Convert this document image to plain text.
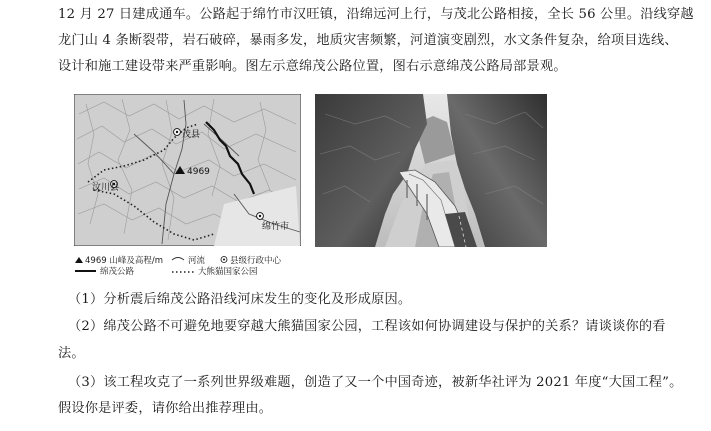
12 月 27 日建成通车。公路起于绵竹市汉旺镇，沿绵远河上行，与茂北公路相接，全长 56 公里。沿线穿越
龙门山 4 条断裂带，岩石破碎，暴雨多发，地质灾害频繁，河道演变剧烈，水文条件复杂，给项目选线、
设计和施工建设带来严重影响。图左示意绵茂公路位置，图右示意绵茂公路局部景观。
4969
茂县
汶川县
绵竹市
4969 山峰及高程/m	河流	县级行政中心
绵茂公路	大熊猫国家公园
（1）分析震后绵茂公路沿线河床发生的变化及形成原因。
（2）绵茂公路不可避免地要穿越大熊猫国家公园，工程该如何协调建设与保护的关系？请谈谈你的看
法。
（3）该工程攻克了一系列世界级难题，创造了又一个中国奇迹，被新华社评为 2021 年度“大国工程”。
假设你是评委，请你给出推荐理由。
